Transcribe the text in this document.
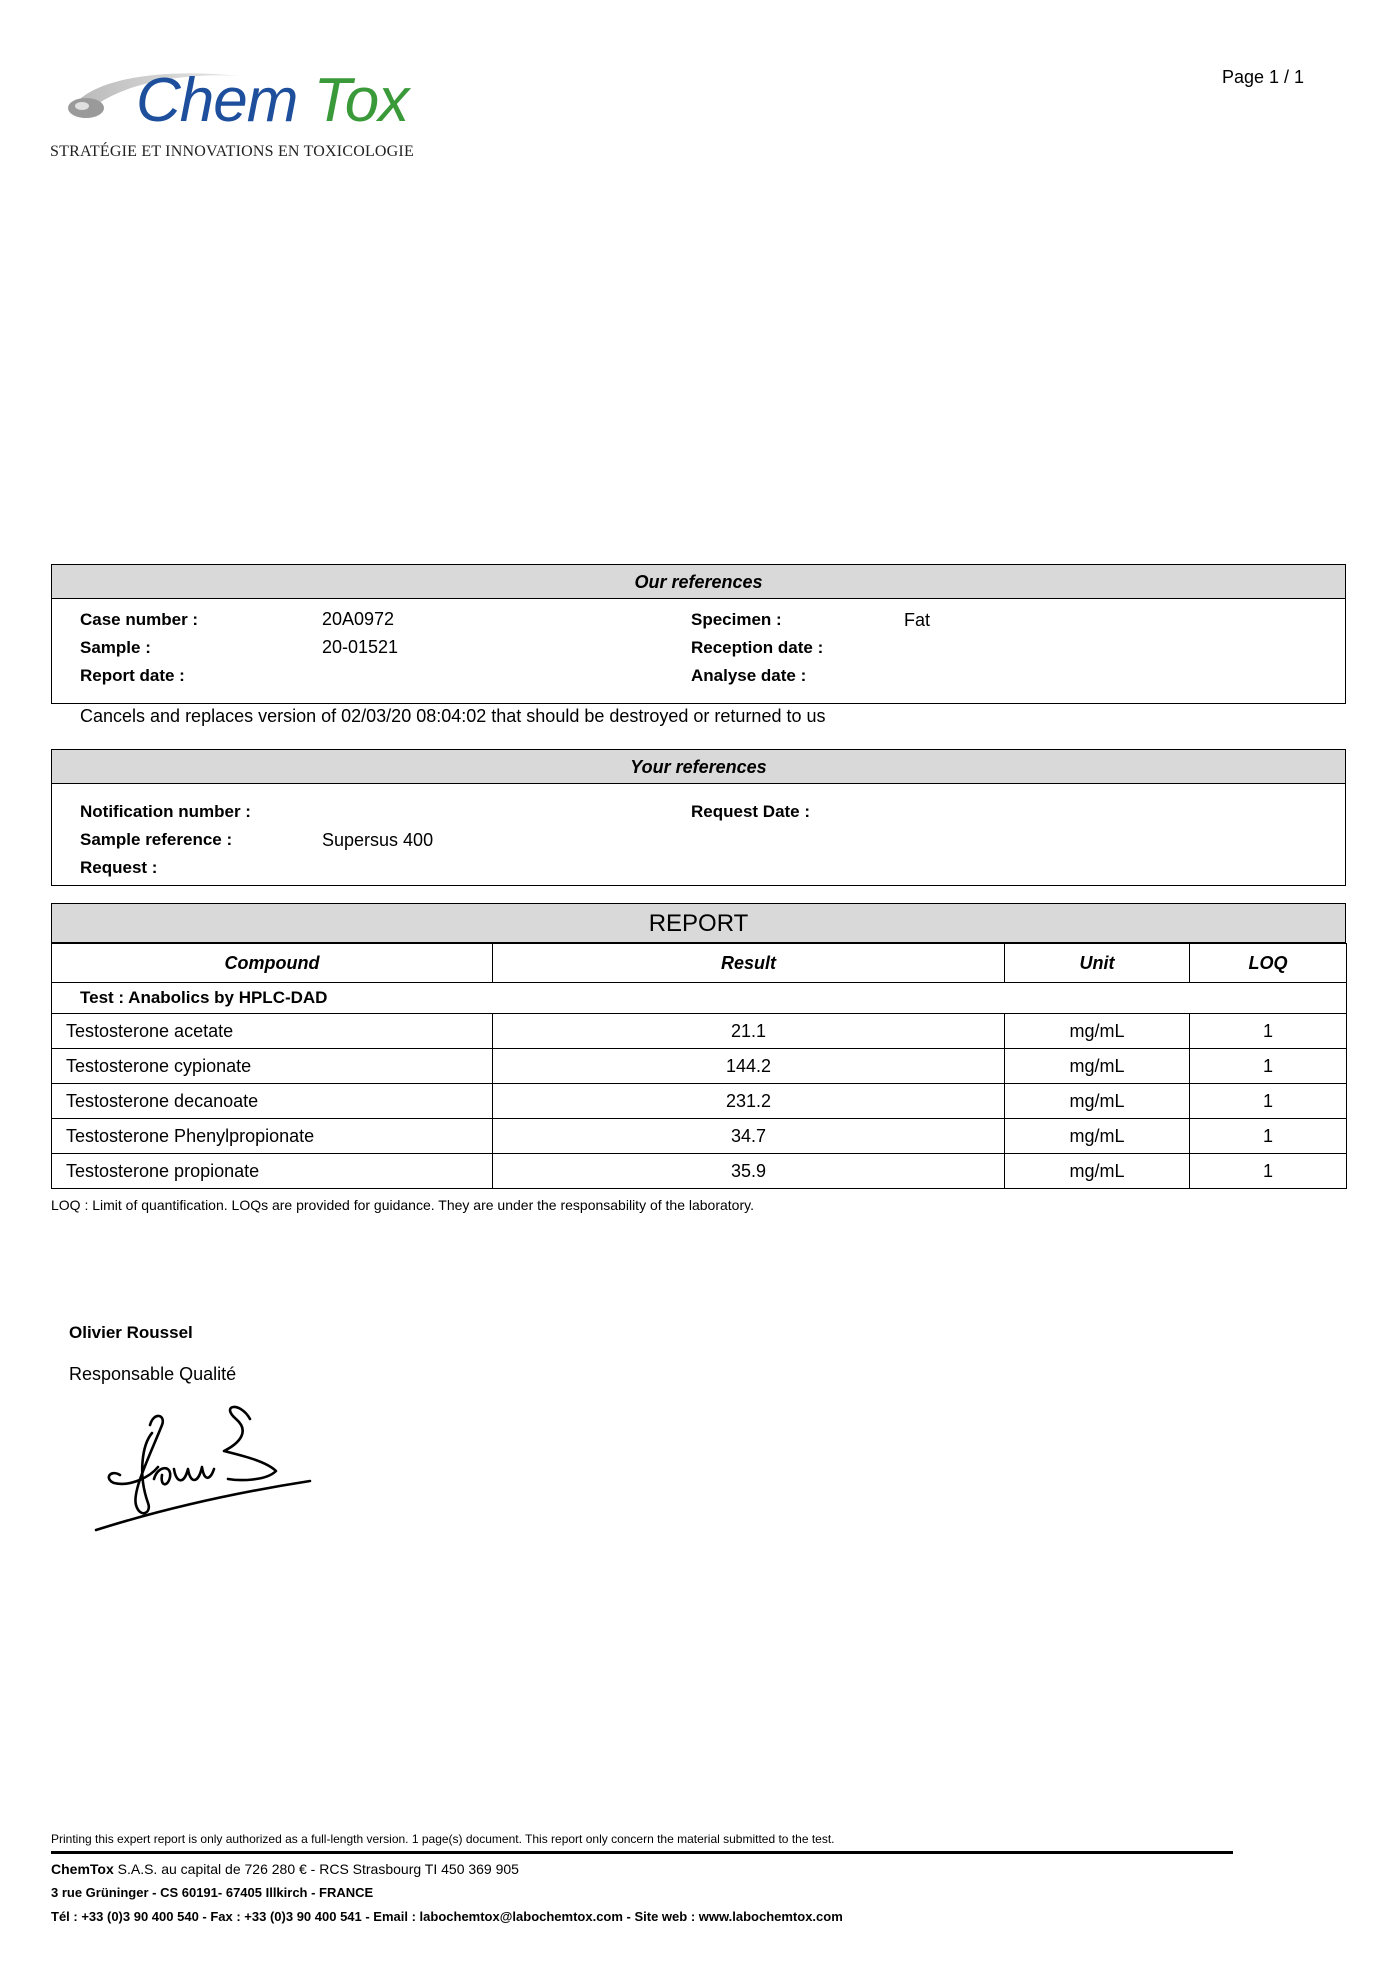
Chem Tox
STRATÉGIE ET INNOVATIONS EN TOXICOLOGIE
Page 1 / 1
Our references
Case number :	20A0972
Sample :	20-01521
Report date :
Specimen :	Fat
Reception date :
Analyse date :
Cancels and replaces version of 02/03/20 08:04:02 that should be destroyed or returned to us
Your references
Notification number :
Sample reference :	Supersus 400
Request :
Request Date :
REPORT
Compound	Result	Unit	LOQ
Test : Anabolics by HPLC-DAD			
Testosterone acetate	21.1	mg/mL	1
Testosterone cypionate	144.2	mg/mL	1
Testosterone decanoate	231.2	mg/mL	1
Testosterone Phenylpropionate	34.7	mg/mL	1
Testosterone propionate	35.9	mg/mL	1
LOQ : Limit of quantification. LOQs are provided for guidance. They are under the responsability of the laboratory.
Olivier Roussel
Responsable Qualité
Printing this expert report is only authorized as a full-length version. 1 page(s) document. This report only concern the material submitted to the test.
ChemTox S.A.S. au capital de 726 280 € - RCS Strasbourg TI 450 369 905
3 rue Grüninger - CS 60191- 67405 Illkirch - FRANCE
Tél : +33 (0)3 90 400 540 - Fax : +33 (0)3 90 400 541 - Email : labochemtox@labochemtox.com - Site web : www.labochemtox.com
